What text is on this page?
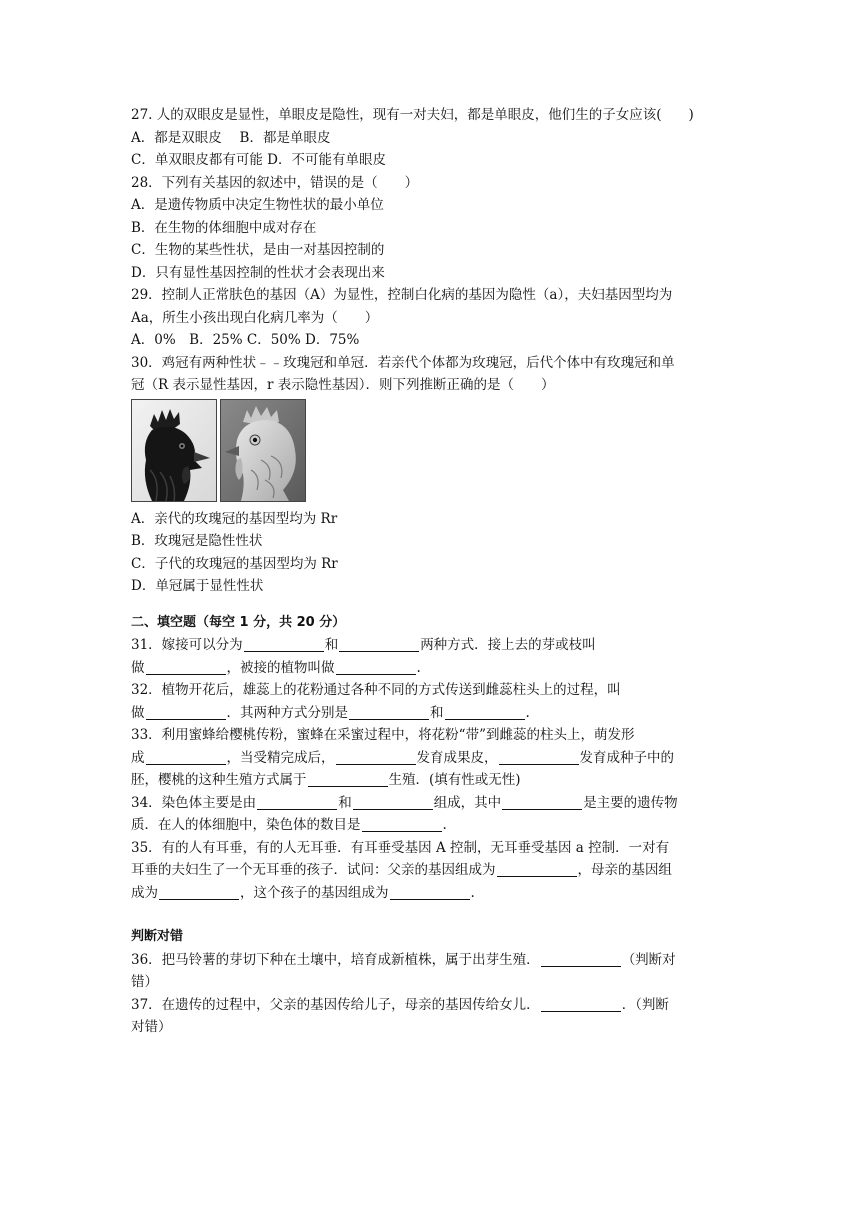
27. 人的双眼皮是显性，单眼皮是隐性，现有一对夫妇，都是单眼皮，他们生的子女应该(　　)
A．都是双眼皮　 B．都是单眼皮
C．单双眼皮都有可能 D．不可能有单眼皮
28．下列有关基因的叙述中，错误的是（　　）
A．是遗传物质中决定生物性状的最小单位
B．在生物的体细胞中成对存在
C．生物的某些性状，是由一对基因控制的
D．只有显性基因控制的性状才会表现出来
29．控制人正常肤色的基因（A）为显性，控制白化病的基因为隐性（a），夫妇基因型均为
Aa，所生小孩出现白化病几率为（　　）
A．0%　B．25% C．50% D．75%
30．鸡冠有两种性状﹣﹣玫瑰冠和单冠．若亲代个体都为玫瑰冠，后代个体中有玫瑰冠和单
冠（R 表示显性基因，r 表示隐性基因）．则下列推断正确的是（　　）
A．亲代的玫瑰冠的基因型均为 Rr
B．玫瑰冠是隐性性状
C．子代的玫瑰冠的基因型均为 Rr
D．单冠属于显性性状
二、填空题（每空 1 分，共 20 分）
31．嫁接可以分为	和	两种方式．接上去的芽或枝叫
做	，被接的植物叫做	.
32．植物开花后，雄蕊上的花粉通过各种不同的方式传送到雌蕊柱头上的过程，叫
做	．其两种方式分别是	和	.
33．利用蜜蜂给樱桃传粉，蜜蜂在采蜜过程中，将花粉“带”到雌蕊的柱头上，萌发形
成	，当受精完成后，	发育成果皮，	发育成种子中的
胚，樱桃的这种生殖方式属于	生殖．(填有性或无性)
34．染色体主要是由	和	组成，其中	是主要的遗传物
质．在人的体细胞中，染色体的数目是	.
35．有的人有耳垂，有的人无耳垂．有耳垂受基因 A 控制，无耳垂受基因 a 控制．一对有
耳垂的夫妇生了一个无耳垂的孩子．试问：父亲的基因组成为	，母亲的基因组
成为	，这个孩子的基因组成为	.
判断对错
36．把马铃薯的芽切下种在土壤中，培育成新植株，属于出芽生殖．	（判断对
错）
37．在遗传的过程中，父亲的基因传给儿子，母亲的基因传给女儿．	．（判断
对错）
